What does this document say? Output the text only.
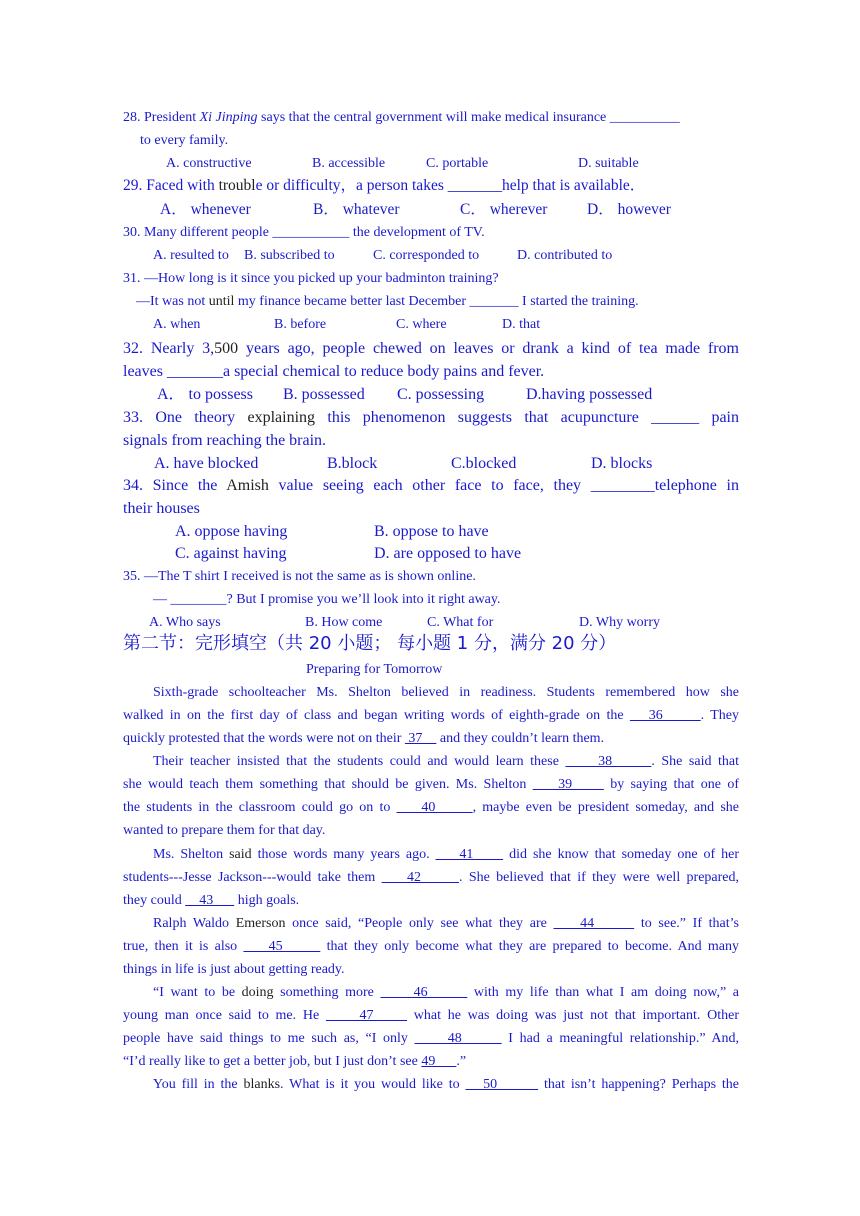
28. President Xi Jinping says that the central government will make medical insurance __________
to every family.
A. constructive	B. accessible	C. portable	D. suitable
29. Faced with trouble or difficulty，a person takes _______help that is available．
A． whenever	B． whatever	C． wherever	D． however
30. Many different people ___________ the development of TV.
A. resulted to B. subscribed to	C. corresponded to	D. contributed to
31. —How long is it since you picked up your badminton training?
—It was not until my finance became better last December _______ I started the training.
A. when	B. before	C. where	D. that
32. Nearly 3,500 years ago, people chewed on leaves or drank a kind of tea made from
leaves _______a special chemical to reduce body pains and fever.
A． to possess B. possessed C. possessing	D.having possessed
33. One theory explaining this phenomenon suggests that acupuncture ______ pain
signals from reaching the brain.
A. have blocked	B.block	C.blocked	D. blocks
34. Since the Amish value seeing each other face to face, they ________telephone in
their houses
A. oppose having	B. oppose to have
C. against having	D. are opposed to have
35. —The T shirt I received is not the same as is shown online.
— ________? But I promise you we’ll look into it right away.
A. Who says	B. How come	C. What for	D. Why worry
第二节：完形填空（共 20 小题； 每小题 1 分，满分 20 分）
Preparing for Tomorrow
Sixth-grade schoolteacher Ms. Shelton believed in readiness. Students remembered how she
walked in on the first day of class and began writing words of eighth-grade on the    36      . They
quickly protested that the words were not on their  37     and they couldn’t learn them.
Their teacher insisted that the students could and would learn these      38      . She said that
she would teach them something that should be given. Ms. Shelton     39      by saying that one of
the students in the classroom could go on to     40      , maybe even be president someday, and she
wanted to prepare them for that day.
Ms. Shelton said those words many years ago.     41      did she know that someday one of her
students---Jesse Jackson---would take them     42      . She believed that if they were well prepared,
they could     43       high goals.
Ralph Waldo Emerson once said, “People only see what they are     44       to see.” If that’s
true, then it is also     45       that they only become what they are prepared to become. And many
things in life is just about getting ready.
“I want to be doing something more      46       with my life than what I am doing now,” a
young man once said to me. He      47      what he was doing was just not that important. Other
people have said things to me such as, “I only      48       I had a meaningful relationship.” And,
“I’d really like to get a better job, but I just don’t see 49      .”
You fill in the blanks. What is it you would like to    50        that isn’t happening? Perhaps the
